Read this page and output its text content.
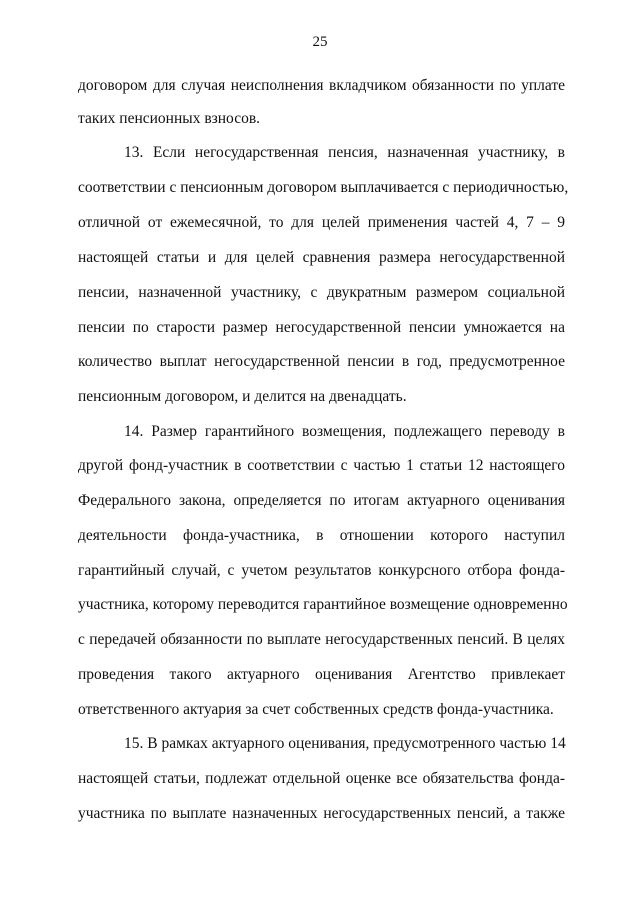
25
договором для случая неисполнения вкладчиком обязанности по уплате
таких пенсионных взносов.
13. Если негосударственная пенсия, назначенная участнику, в
соответствии с пенсионным договором выплачивается с периодичностью,
отличной от ежемесячной, то для целей применения частей 4, 7 – 9
настоящей статьи и для целей сравнения размера негосударственной
пенсии, назначенной участнику, с двукратным размером социальной
пенсии по старости размер негосударственной пенсии умножается на
количество выплат негосударственной пенсии в год, предусмотренное
пенсионным договором, и делится на двенадцать.
14. Размер гарантийного возмещения, подлежащего переводу в
другой фонд-участник в соответствии с частью 1 статьи 12 настоящего
Федерального закона, определяется по итогам актуарного оценивания
деятельности фонда-участника, в отношении которого наступил
гарантийный случай, с учетом результатов конкурсного отбора фонда-
участника, которому переводится гарантийное возмещение одновременно
с передачей обязанности по выплате негосударственных пенсий. В целях
проведения такого актуарного оценивания Агентство привлекает
ответственного актуария за счет собственных средств фонда-участника.
15. В рамках актуарного оценивания, предусмотренного частью 14
настоящей статьи, подлежат отдельной оценке все обязательства фонда-
участника по выплате назначенных негосударственных пенсий, а также
